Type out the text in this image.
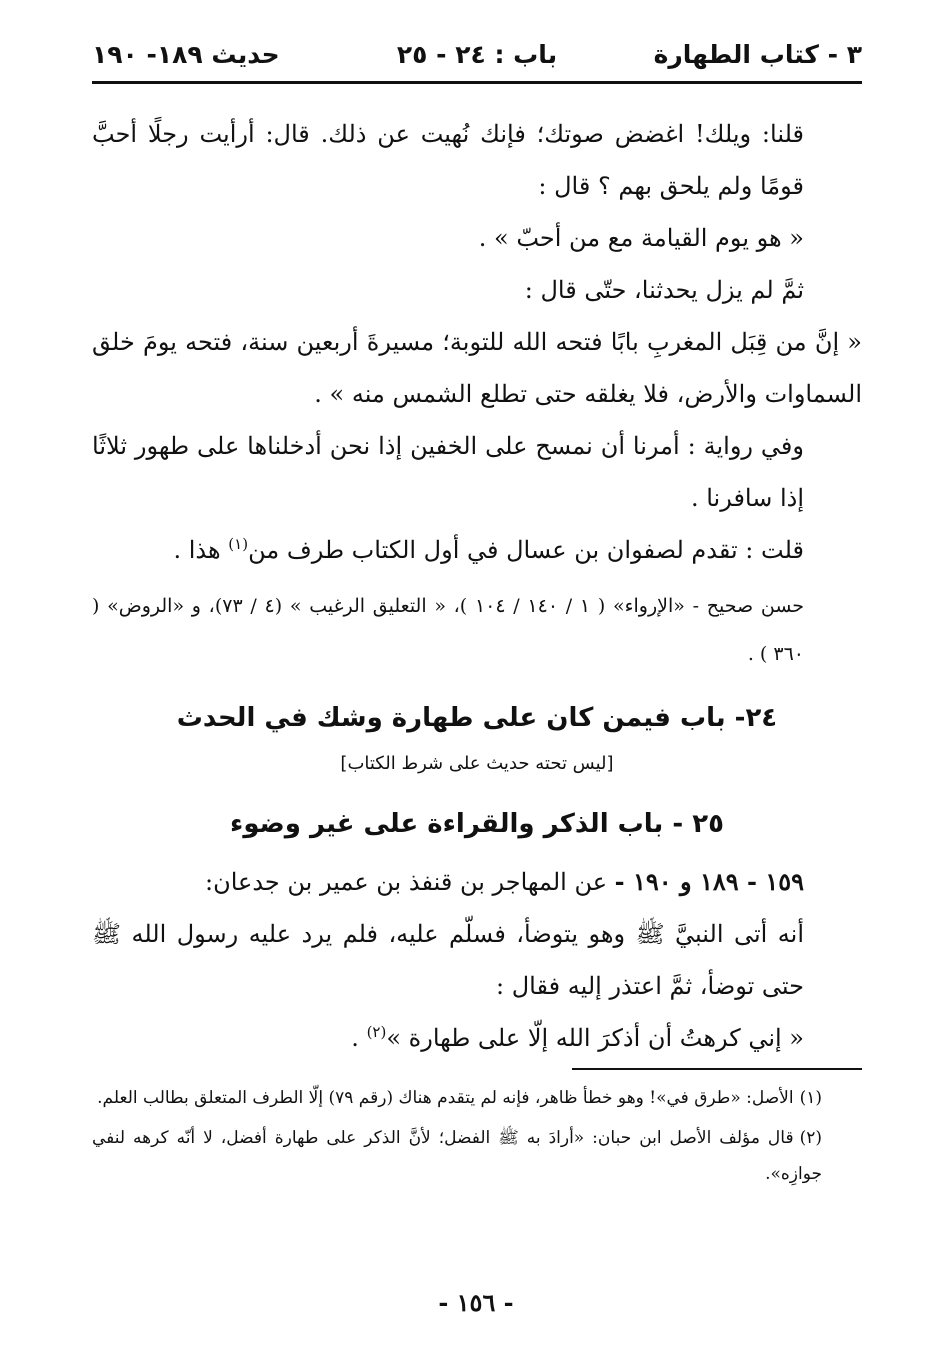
٣ - كتاب الطهارة
باب : ٢٤ - ٢٥
حديث ١٨٩- ١٩٠

قلنا: ويلك! اغضض صوتك؛ فإنك نُهيت عن ذلك. قال: أرأيت رجلًا أحبَّ قومًا ولم يلحق بهم ؟ قال :

« هو يوم القيامة مع من أحبّ » .

ثمَّ لم يزل يحدثنا، حتّى قال :

« إنَّ من قِبَل المغربِ بابًا فتحه الله للتوبة؛ مسيرةَ أربعين سنة، فتحه يومَ خلق السماوات والأرض، فلا يغلقه حتى تطلع الشمس منه » .

وفي رواية : أمرنا أن نمسح على الخفين إذا نحن أدخلناها على طهور ثلاثًا إذا سافرنا .

قلت : تقدم لصفوان بن عسال في أول الكتاب طرف من$^{(١)}$ هذا .

حسن صحيح - «الإرواء» ( ١ / ١٤٠ / ١٠٤ )، « التعليق الرغيب » (٤ / ٧٣)، و «الروض» ( ٣٦٠ ) .

٢٤- باب فيمن كان على طهارة وشك في الحدث

[ليس تحته حديث على شرط الكتاب]

٢٥ - باب الذكر والقراءة على غير وضوء

١٥٩ - ١٨٩ و ١٩٠ - عن المهاجر بن قنفذ بن عمير بن جدعان:

أنه أتى النبيَّ ﷺ وهو يتوضأ، فسلّم عليه، فلم يرد عليه رسول الله ﷺ حتى توضأ، ثمَّ اعتذر إليه فقال :

« إني كرهتُ أن أذكرَ الله إلّا على طهارة »$^{(٢)}$ .

(١)الأصل: «طرق في»! وهو خطأ ظاهر، فإنه لم يتقدم هناك (رقم ٧٩) إلّا الطرف المتعلق بطالب العلم.

(٢)قال مؤلف الأصل ابن حبان: «أرادَ به ﷺ الفضل؛ لأنَّ الذكر على طهارة أفضل، لا أنّه كرهه لنفي جوازِه».

- ١٥٦ -
